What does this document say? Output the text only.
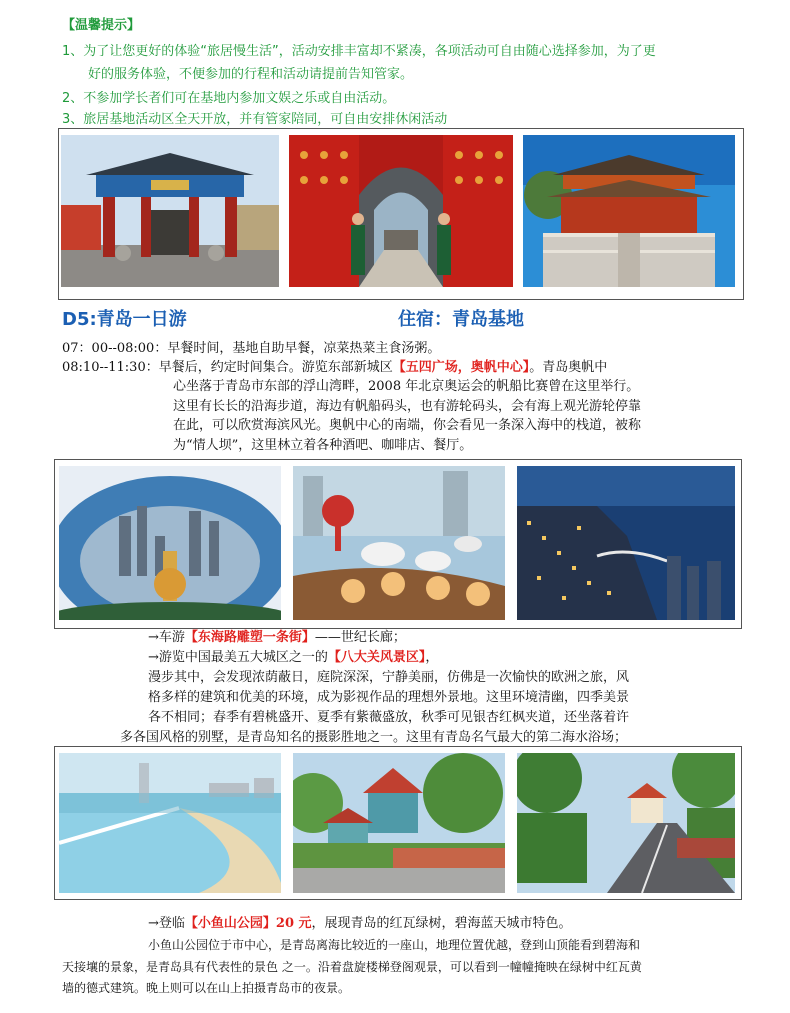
【温馨提示】
1、为了让您更好的体验“旅居慢生活”，活动安排丰富却不紧凑，各项活动可自由随心选择参加，为了更
好的服务体验，不便参加的行程和活动请提前告知管家。
2、不参加学长者们可在基地内参加文娱之乐或自由活动。
3、旅居基地活动区全天开放，并有管家陪同，可自由安排休闲活动
D5:青岛一日游	住宿：青岛基地
07：00--08:00：早餐时间，基地自助早餐，凉菜热菜主食汤粥。
08:10--11:30：早餐后，约定时间集合。游览东部新城区【五四广场，奥帆中心】。青岛奥帆中
心坐落于青岛市东部的浮山湾畔，2008 年北京奥运会的帆船比赛曾在这里举行。
这里有长长的沿海步道，海边有帆船码头，也有游轮码头，会有海上观光游轮停靠
在此，可以欣赏海滨风光。奥帆中心的南端，你会看见一条深入海中的栈道，被称
为“情人坝”，这里林立着各种酒吧、咖啡店、餐厅。
→车游【东海路雕塑一条街】——世纪长廊；
→游览中国最美五大城区之一的【八大关风景区】，
漫步其中，会发现浓荫蔽日，庭院深深，宁静美丽，仿佛是一次愉快的欧洲之旅，风
格多样的建筑和优美的环境，成为影视作品的理想外景地。这里环境清幽，四季美景
各不相同；春季有碧桃盛开、夏季有紫薇盛放，秋季可见银杏红枫夹道，还坐落着许
多各国风格的别墅，是青岛知名的摄影胜地之一。这里有青岛名气最大的第二海水浴场；
→登临【小鱼山公园】20 元，展现青岛的红瓦绿树，碧海蓝天城市特色。
小鱼山公园位于市中心，是青岛离海比较近的一座山，地理位置优越，登到山顶能看到碧海和
天接壤的景象，是青岛具有代表性的景色 之一。沿着盘旋楼梯登阁观景，可以看到一幢幢掩映在绿树中红瓦黄
墙的德式建筑。晚上则可以在山上拍摄青岛市的夜景。
